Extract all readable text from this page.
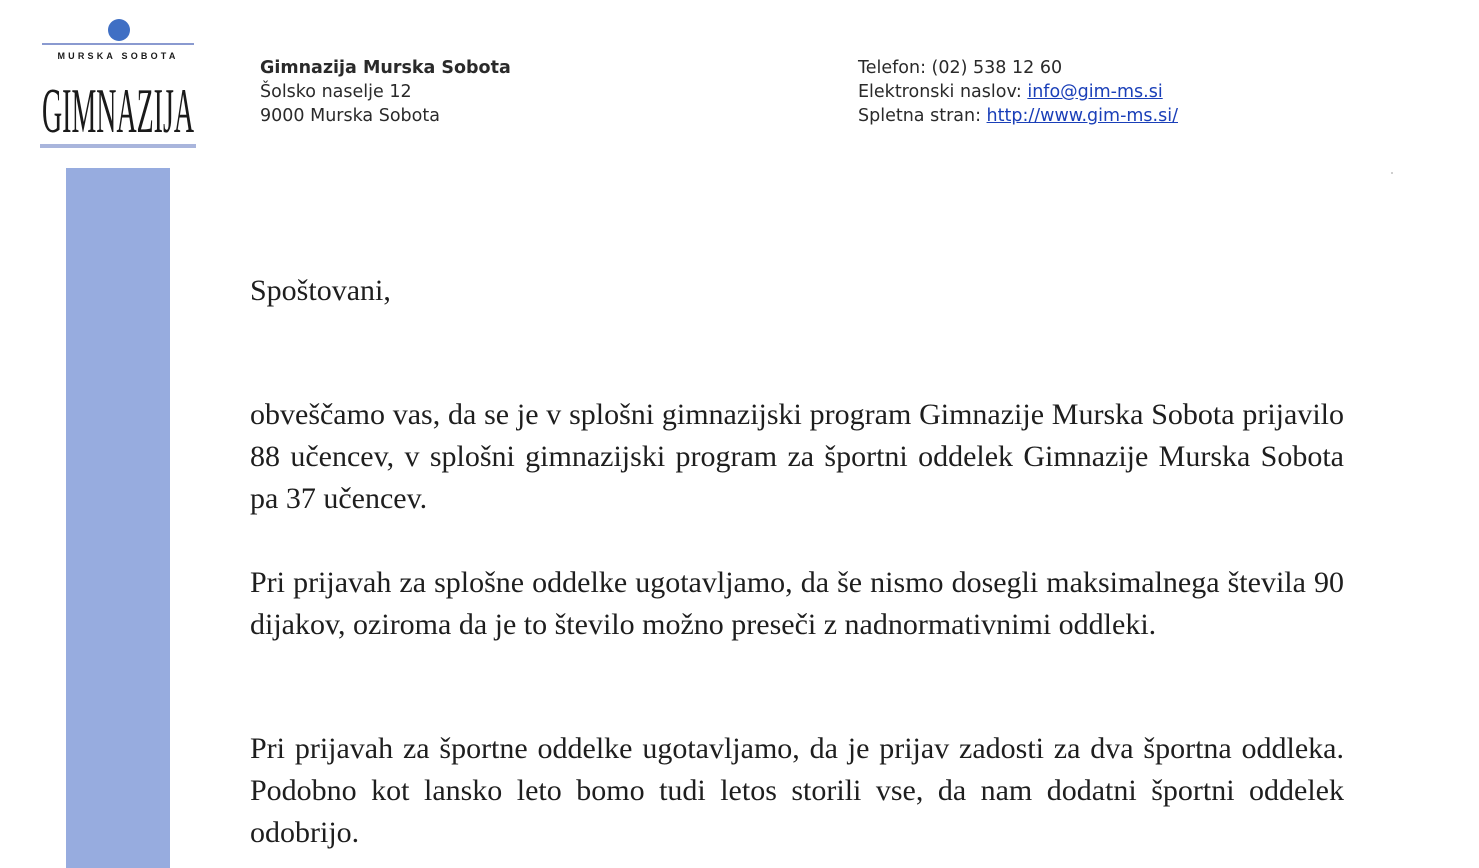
MURSKA SOBOTA
GIMNAZIJA
Gimnazija Murska Sobota
Šolsko naselje 12
9000 Murska Sobota
Telefon: (02) 538 12 60
Elektronski naslov: info@gim-ms.si
Spletna stran: http://www.gim-ms.si/
Spoštovani,
obveščamo vas, da se je v splošni gimnazijski program Gimnazije Murska Sobota prijavilo 88 učencev, v splošni gimnazijski program za športni oddelek Gimnazije Murska Sobota pa 37 učencev.
Pri prijavah za splošne oddelke ugotavljamo, da še nismo dosegli maksimalnega števila 90 dijakov, oziroma da je to število možno preseči z nadnormativnimi oddleki.
Pri prijavah za športne oddelke ugotavljamo, da je prijav zadosti za dva športna oddleka. Podobno kot lansko leto bomo tudi letos storili vse, da nam dodatni športni oddelek odobrijo.
